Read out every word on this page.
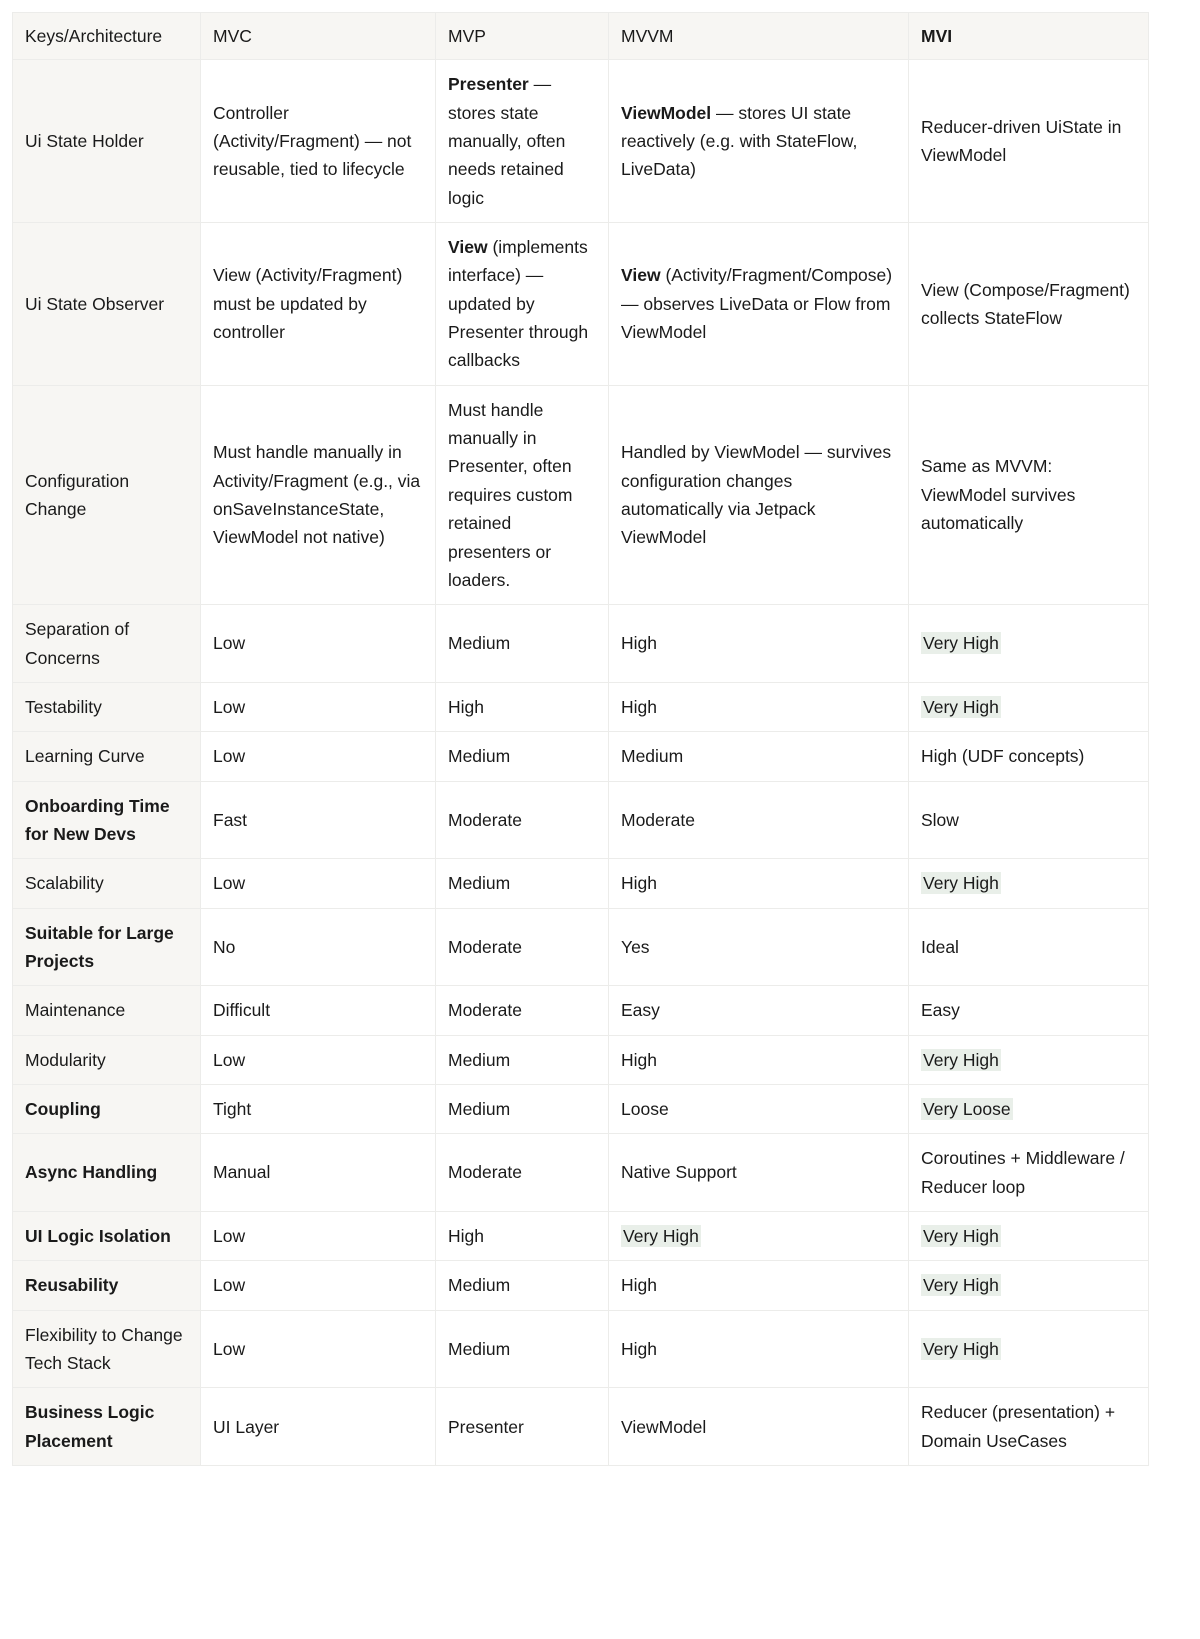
Keys/Architecture	MVC	MVP	MVVM	MVI
Ui State Holder	Controller (Activity/Fragment) — not reusable, tied to lifecycle	Presenter — stores state manually, often needs retained logic	ViewModel — stores UI state reactively (e.g. with StateFlow, LiveData)	Reducer-driven UiState in ViewModel
Ui State Observer	View (Activity/Fragment) must be updated by controller	View (implements interface) — updated by Presenter through callbacks	View (Activity/Fragment/Compose) — observes LiveData or Flow from ViewModel	View (Compose/Fragment) collects StateFlow
Configuration Change	Must handle manually in Activity/Fragment (e.g., via onSaveInstanceState, ViewModel not native)	Must handle manually in Presenter, often requires custom retained presenters or loaders.	Handled by ViewModel — survives configuration changes automatically via Jetpack ViewModel	Same as MVVM: ViewModel survives automatically
Separation of Concerns	Low	Medium	High	Very High
Testability	Low	High	High	Very High
Learning Curve	Low	Medium	Medium	High (UDF concepts)
Onboarding Time for New Devs	Fast	Moderate	Moderate	Slow
Scalability	Low	Medium	High	Very High
Suitable for Large Projects	No	Moderate	Yes	Ideal
Maintenance	Difficult	Moderate	Easy	Easy
Modularity	Low	Medium	High	Very High
Coupling	Tight	Medium	Loose	Very Loose
Async Handling	Manual	Moderate	Native Support	Coroutines + Middleware / Reducer loop
UI Logic Isolation	Low	High	Very High	Very High
Reusability	Low	Medium	High	Very High
Flexibility to Change Tech Stack	Low	Medium	High	Very High
Business Logic Placement	UI Layer	Presenter	ViewModel	Reducer (presentation) + Domain UseCases
